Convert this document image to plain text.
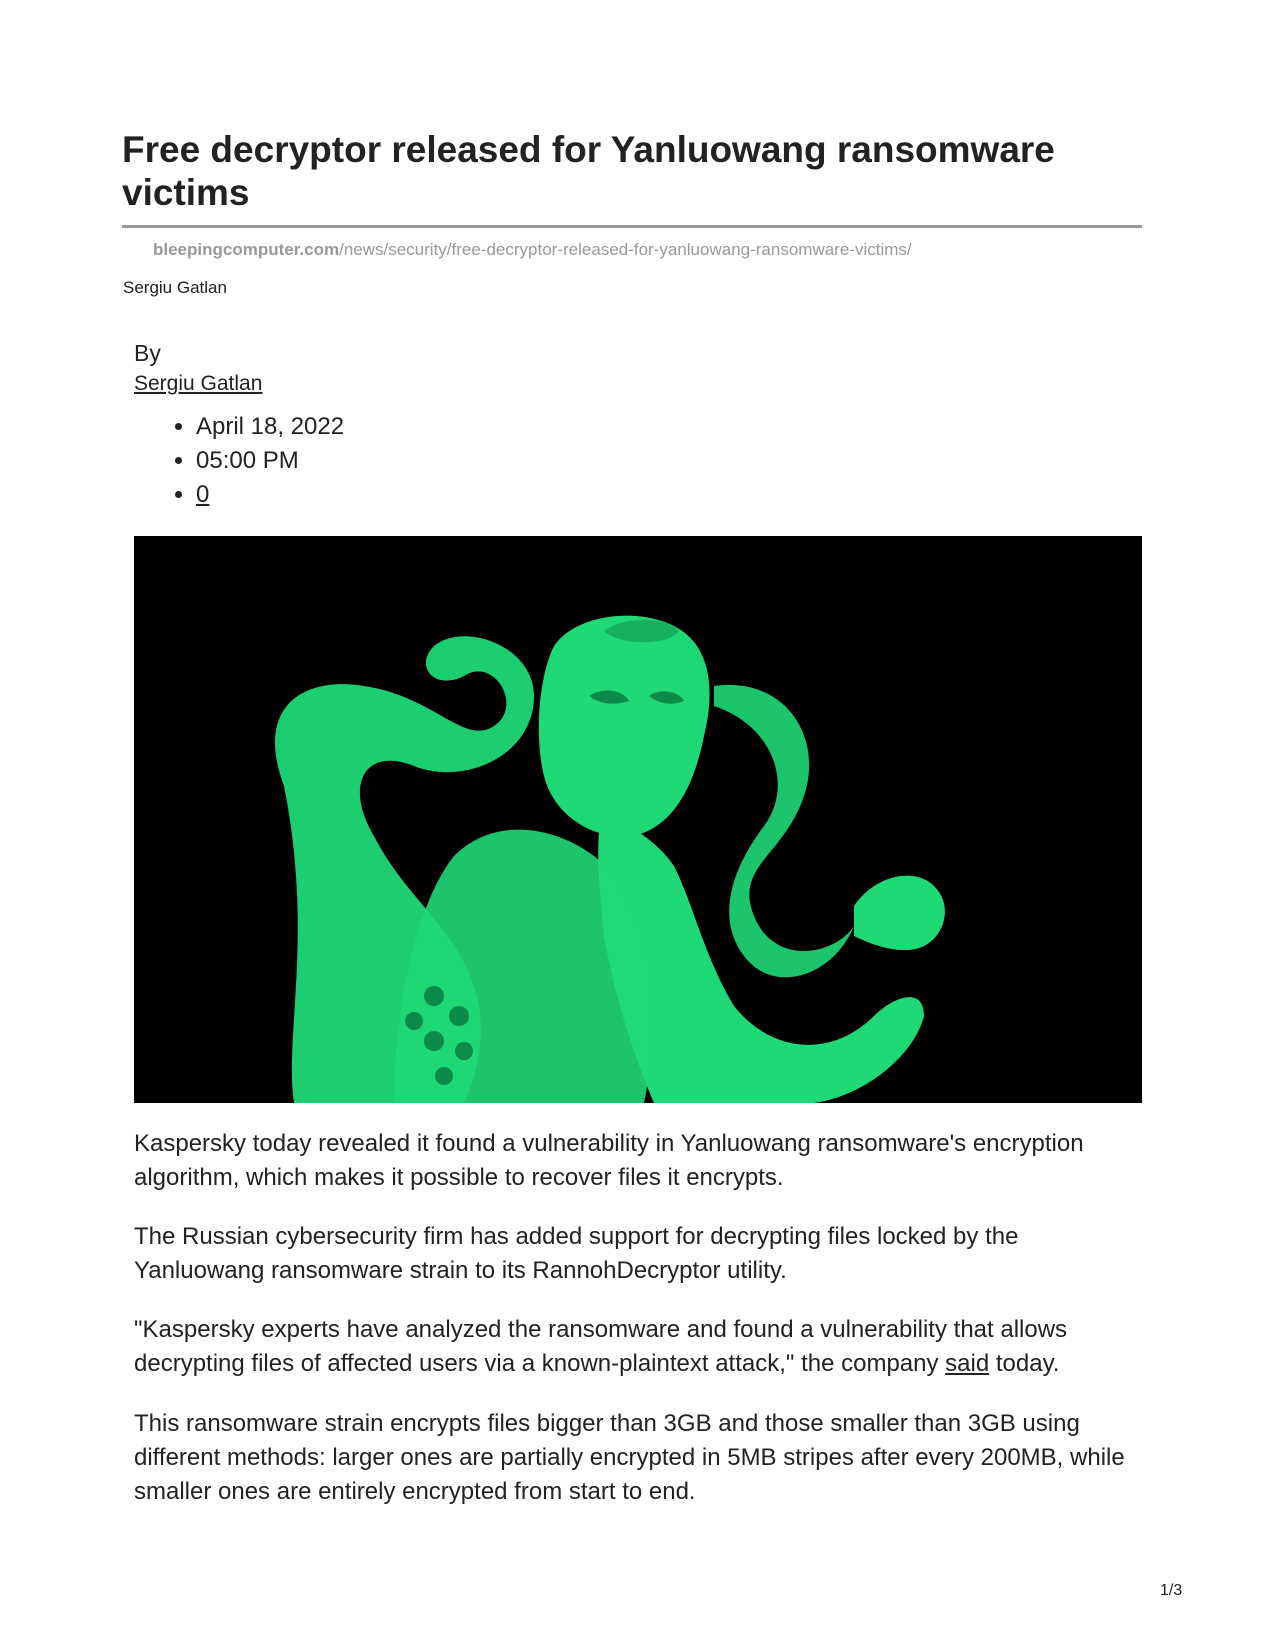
Free decryptor released for Yanluowang ransomware victims
bleepingcomputer.com/news/security/free-decryptor-released-for-yanluowang-ransomware-victims/
Sergiu Gatlan
By
Sergiu Gatlan
• April 18, 2022
• 05:00 PM
• 0

Kaspersky today revealed it found a vulnerability in Yanluowang ransomware's encryption algorithm, which makes it possible to recover files it encrypts.

The Russian cybersecurity firm has added support for decrypting files locked by the Yanluowang ransomware strain to its RannohDecryptor utility.

"Kaspersky experts have analyzed the ransomware and found a vulnerability that allows decrypting files of affected users via a known-plaintext attack," the company said today.

This ransomware strain encrypts files bigger than 3GB and those smaller than 3GB using different methods: larger ones are partially encrypted in 5MB stripes after every 200MB, while smaller ones are entirely encrypted from start to end.

1/3
